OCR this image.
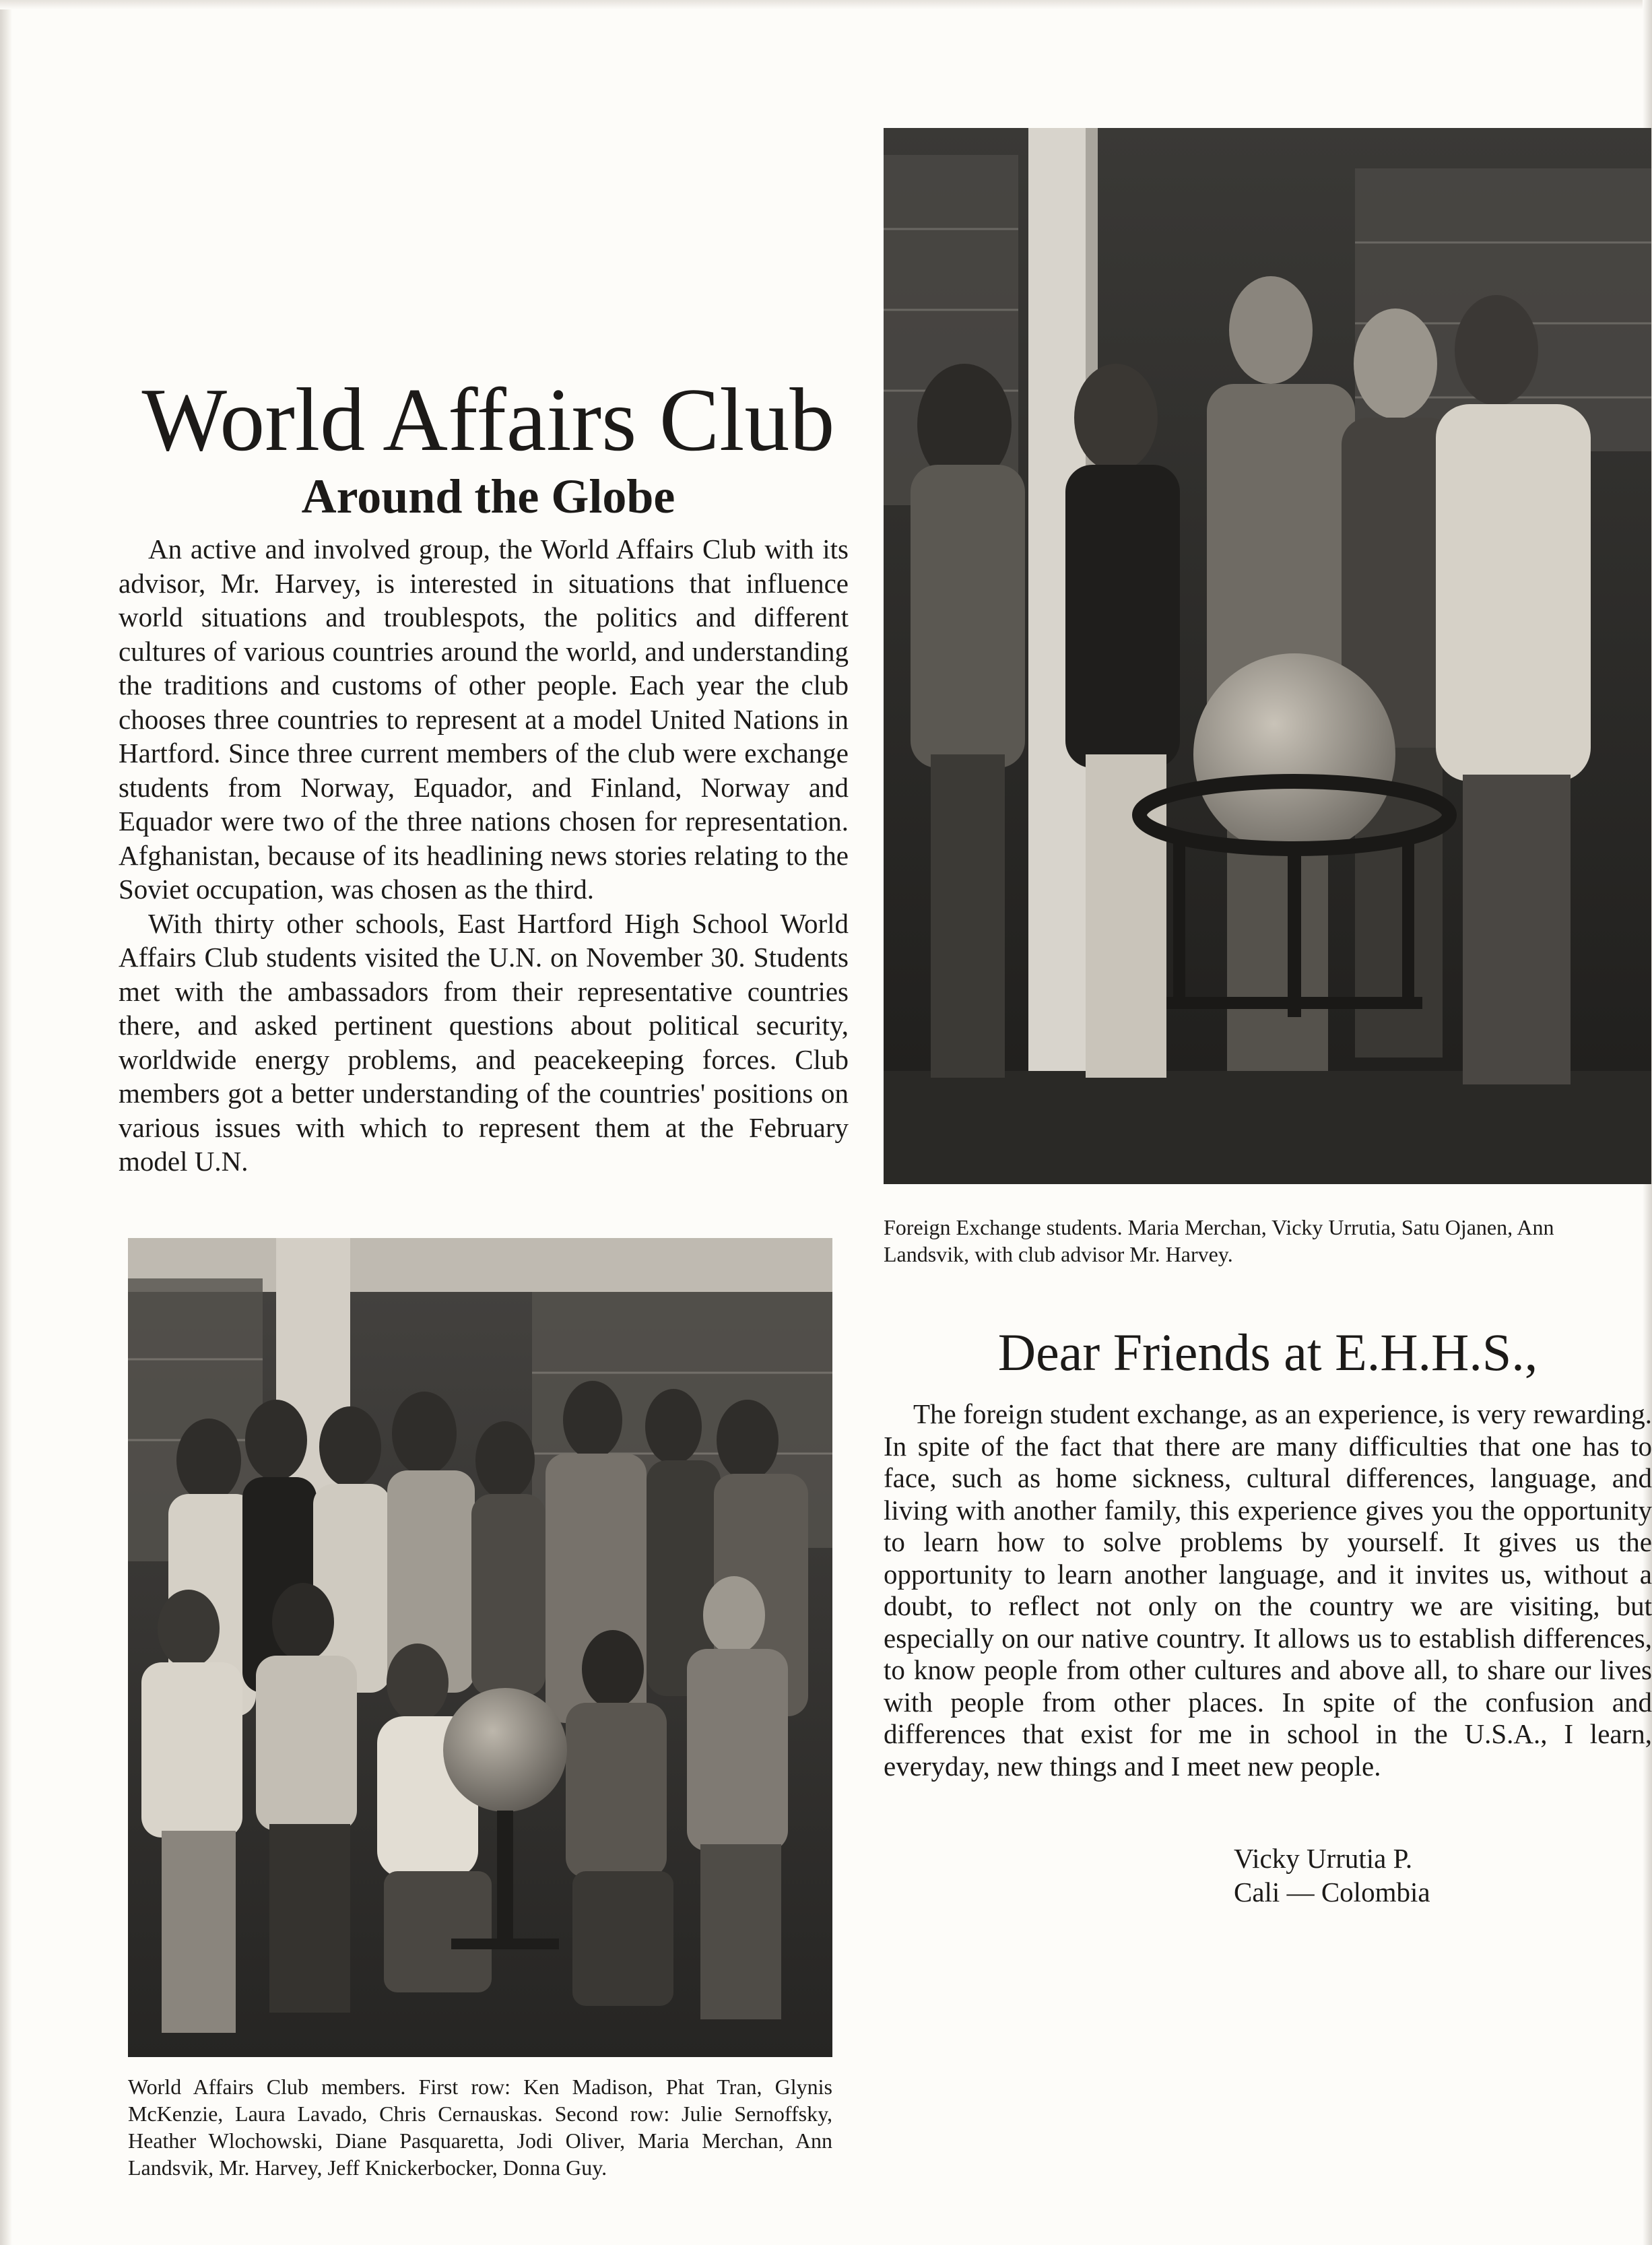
World Affairs Club
Around the Globe

An active and involved group, the World Affairs Club with its advisor, Mr. Harvey, is interested in situations that influence world situations and troublespots, the politics and different cultures of various countries around the world, and understanding the traditions and customs of other people. Each year the club chooses three countries to represent at a model United Nations in Hartford. Since three current members of the club were exchange students from Norway, Equador, and Finland, Norway and Equador were two of the three nations chosen for representation. Afghanistan, because of its headlining news stories relating to the Soviet occupation, was chosen as the third.

With thirty other schools, East Hartford High School World Affairs Club students visited the U.N. on November 30. Students met with the ambassadors from their representative countries there, and asked pertinent questions about political security, worldwide energy problems, and peacekeeping forces. Club members got a better understanding of the countries' positions on various issues with which to represent them at the February model U.N.

Foreign Exchange students. Maria Merchan, Vicky Urrutia, Satu Ojanen, Ann
Landsvik, with club advisor Mr. Harvey.
World Affairs Club members. First row: Ken Madison, Phat Tran, Glynis McKenzie, Laura Lavado, Chris Cernauskas. Second row: Julie Sernoffsky, Heather Wlochowski, Diane Pasquaretta, Jodi Oliver, Maria Merchan, Ann Landsvik, Mr. Harvey, Jeff Knickerbocker, Donna Guy.
Dear Friends at E.H.H.S.,

The foreign student exchange, as an experience, is very rewarding. In spite of the fact that there are many difficulties that one has to face, such as home sickness, cultural differences, language, and living with another family, this experience gives you the opportunity to learn how to solve problems by yourself. It gives us the opportunity to learn another language, and it invites us, without a doubt, to reflect not only on the country we are visiting, but especially on our native country. It allows us to establish differences, to know people from other cultures and above all, to share our lives with people from other places. In spite of the confusion and differences that exist for me in school in the U.S.A., I learn, everyday, new things and I meet new people.

Vicky Urrutia P.
Cali — Colombia
